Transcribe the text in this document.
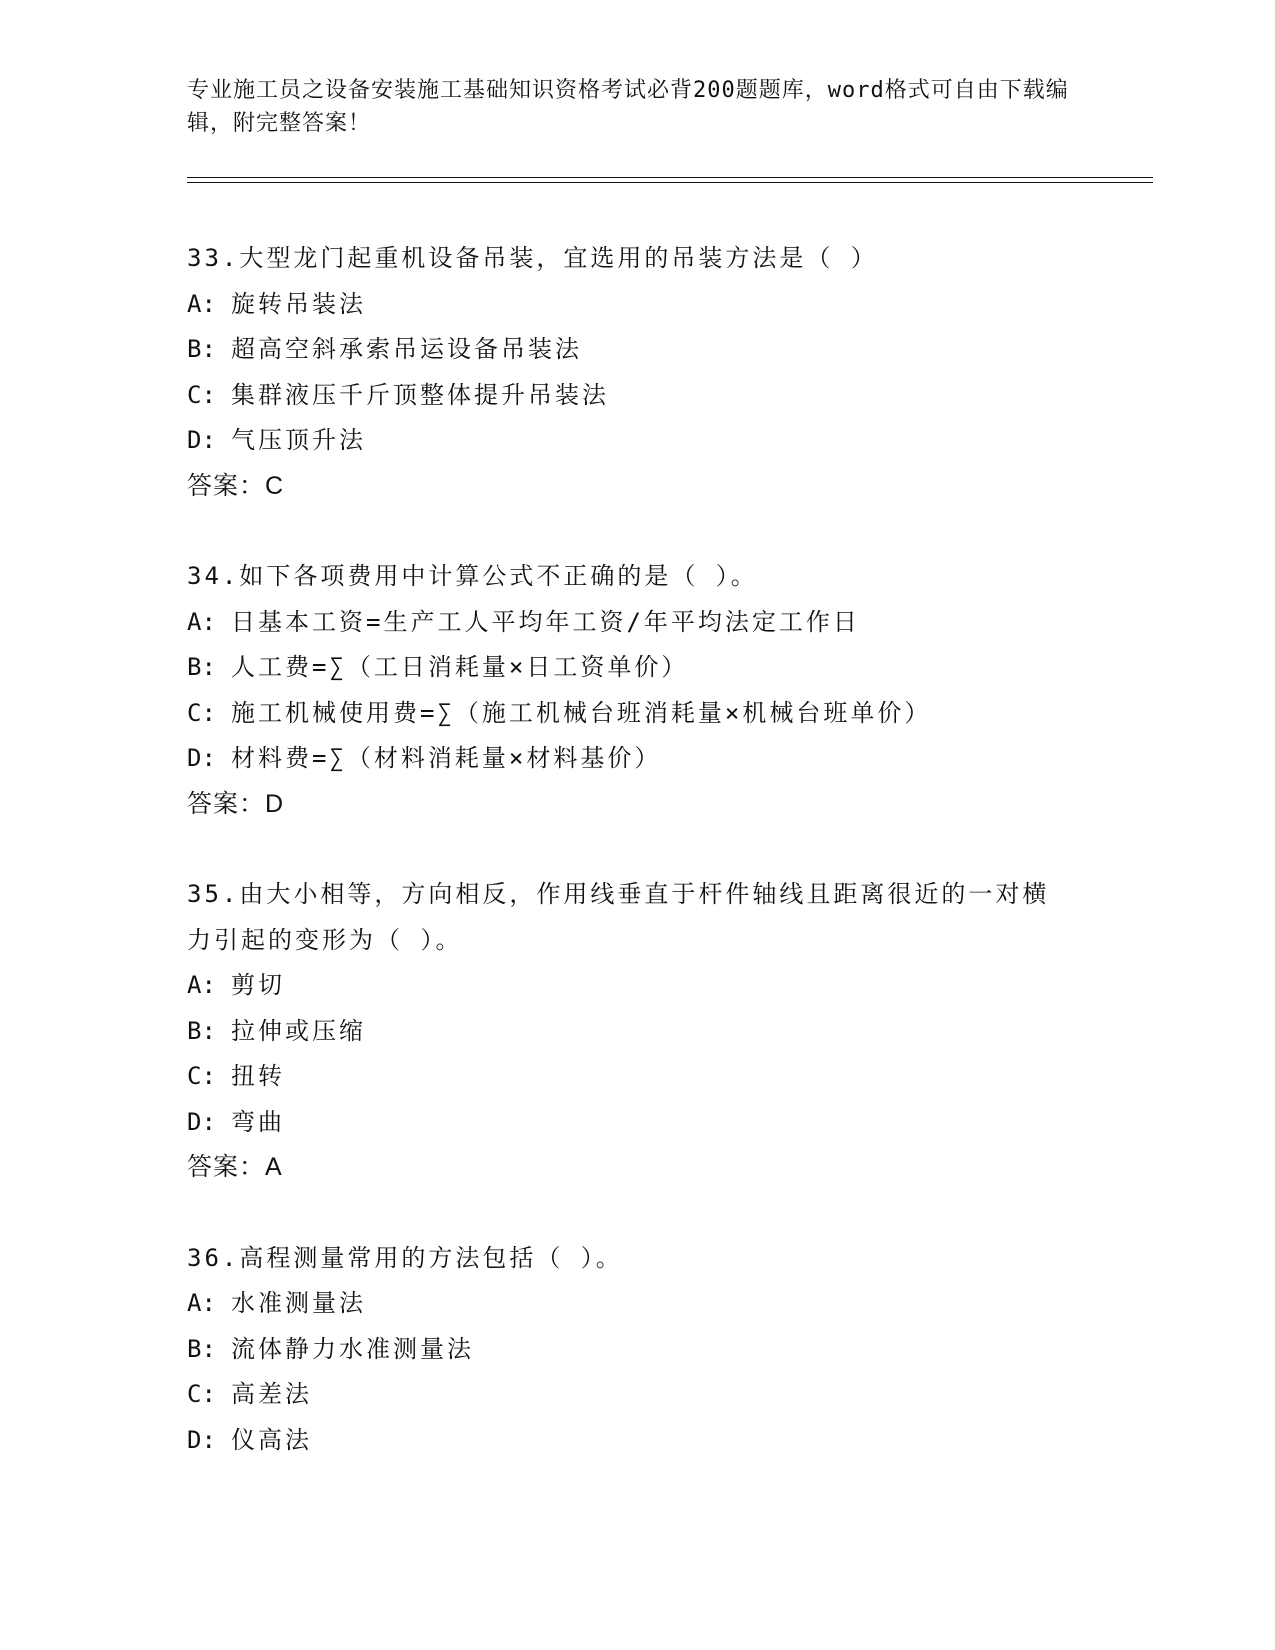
专业施工员之设备安装施工基础知识资格考试必背200题题库，word格式可自由下载编辑，附完整答案！

33.大型龙门起重机设备吊装，宜选用的吊装方法是（ ）

A: 旋转吊装法

B: 超高空斜承索吊运设备吊装法

C: 集群液压千斤顶整体提升吊装法

D: 气压顶升法

答案：C

34.如下各项费用中计算公式不正确的是（ ）。

A: 日基本工资=生产工人平均年工资/年平均法定工作日

B: 人工费=∑（工日消耗量×日工资单价）

C: 施工机械使用费=∑（施工机械台班消耗量×机械台班单价）

D: 材料费=∑（材料消耗量×材料基价）

答案：D

35.由大小相等，方向相反，作用线垂直于杆件轴线且距离很近的一对横力引起的变形为（ ）。

A: 剪切

B: 拉伸或压缩

C: 扭转

D: 弯曲

答案：A

36.高程测量常用的方法包括（ ）。

A: 水准测量法

B: 流体静力水准测量法

C: 高差法

D: 仪高法
